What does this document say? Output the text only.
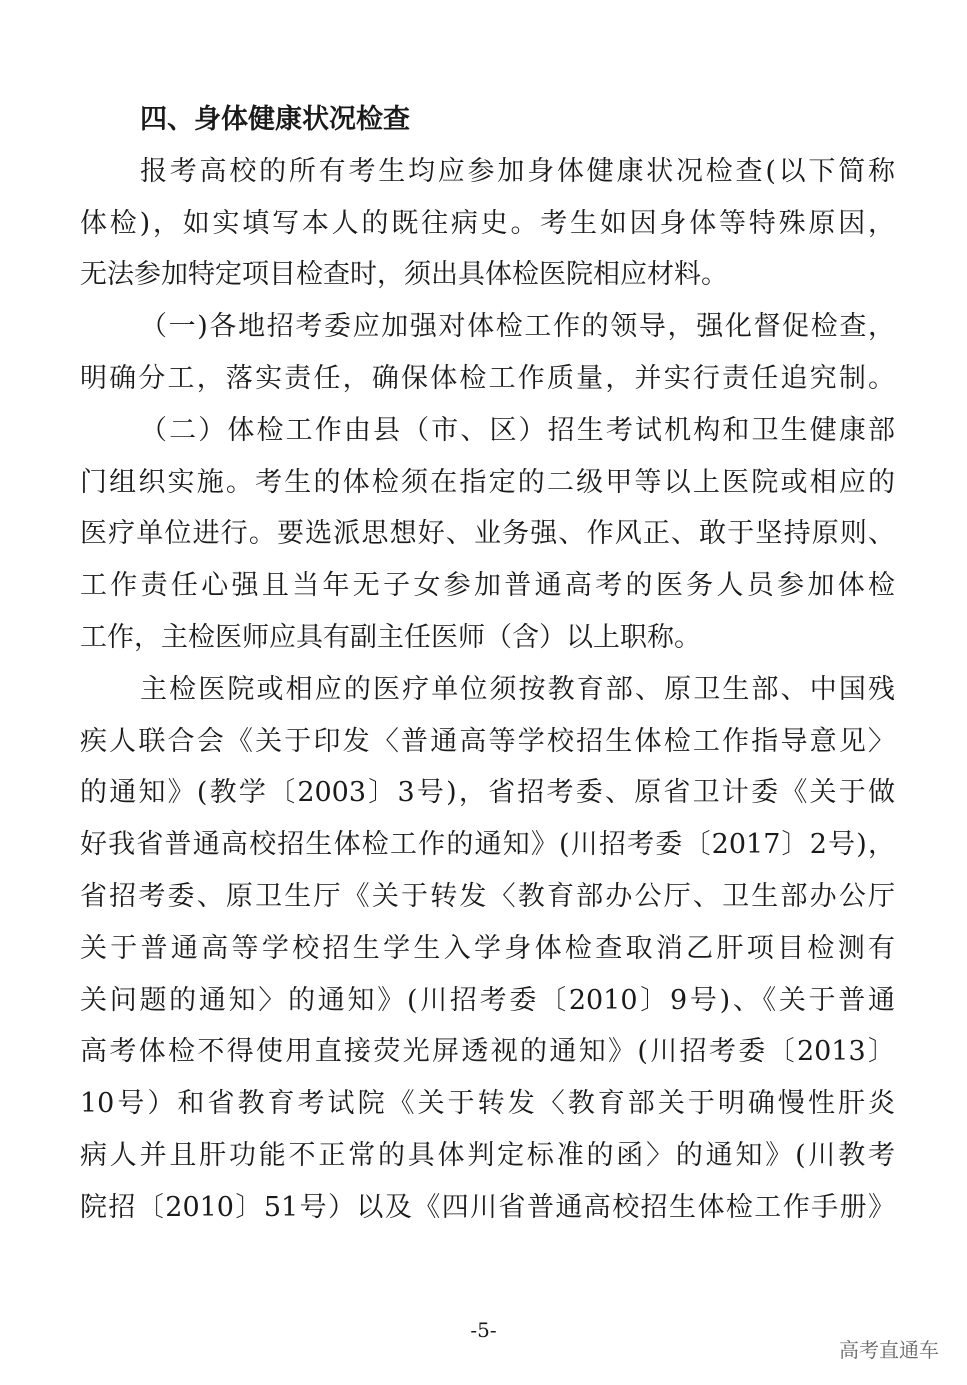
四、身体健康状况检查
报考高校的所有考生均应参加身体健康状况检查(以下简称
体检)，如实填写本人的既往病史。考生如因身体等特殊原因，
无法参加特定项目检查时，须出具体检医院相应材料。
（一)各地招考委应加强对体检工作的领导，强化督促检查，
明确分工，落实责任，确保体检工作质量，并实行责任追究制。
（二）体检工作由县（市、区）招生考试机构和卫生健康部
门组织实施。考生的体检须在指定的二级甲等以上医院或相应的
医疗单位进行。要选派思想好、业务强、作风正、敢于坚持原则、
工作责任心强且当年无子女参加普通高考的医务人员参加体检
工作，主检医师应具有副主任医师（含）以上职称。
主检医院或相应的医疗单位须按教育部、原卫生部、中国残
疾人联合会《关于印发〈普通高等学校招生体检工作指导意见〉
的通知》(教学〔2003〕3号)，省招考委、原省卫计委《关于做
好我省普通高校招生体检工作的通知》(川招考委〔2017〕2号)，
省招考委、原卫生厅《关于转发〈教育部办公厅、卫生部办公厅
关于普通高等学校招生学生入学身体检查取消乙肝项目检测有
关问题的通知〉的通知》(川招考委〔2010〕9号)、《关于普通
高考体检不得使用直接荧光屏透视的通知》(川招考委〔2013〕
10号）和省教育考试院《关于转发〈教育部关于明确慢性肝炎
病人并且肝功能不正常的具体判定标准的函〉的通知》(川教考
院招〔2010〕51号）以及《四川省普通高校招生体检工作手册》
-5-
高考直通车
